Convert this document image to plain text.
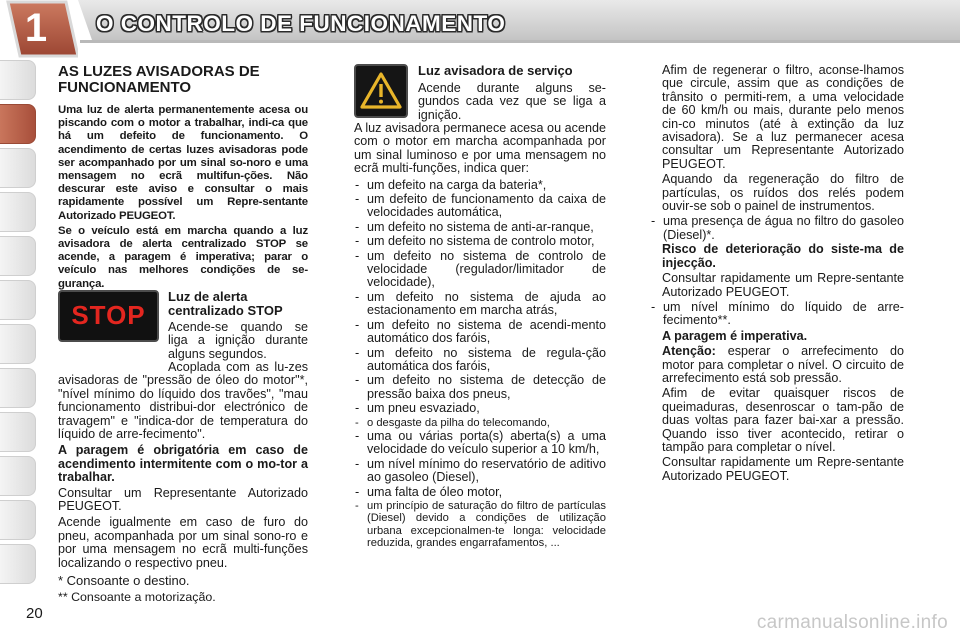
1	O CONTROLO DE FUNCIONAMENTO
AS LUZES AVISADORAS DE FUNCIONAMENTO

Uma luz de alerta permanentemente acesa ou piscando com o motor a trabalhar, indi-ca que há um defeito de funcionamento. O acendimento de certas luzes avisadoras pode ser acompanhado por um sinal so-noro e uma mensagem no ecrã multifun-ções. Não descurar este aviso e consultar o mais rapidamente possível um Repre-sentante Autorizado PEUGEOT.

Se o veículo está em marcha quando a luz avisadora de alerta centralizado STOP se acende, a paragem é imperativa; parar o veículo nas melhores condições de se-gurança.

STOP

Luz de alerta centralizado STOP

Acende-se quando se liga a ignição durante alguns segundos.

Acoplada com as lu-zes avisadoras de "pressão de óleo do motor"*, "nível mínimo do líquido dos travões", "mau funcionamento distribui-dor electrónico de travagem" e "indica-dor de temperatura do líquido de arre-fecimento".

A paragem é obrigatória em caso de acendimento intermitente com o mo-tor a trabalhar.

Consultar um Representante Autorizado PEUGEOT.

Acende igualmente em caso de furo do pneu, acompanhada por um sinal sono-ro e por uma mensagem no ecrã multi-funções localizando o respectivo pneu.

* Consoante o destino.

** Consoante a motorização.

Luz avisadora de serviço

Acende durante alguns se-gundos cada vez que se liga a ignição.

A luz avisadora permanece acesa ou acende com o motor em marcha acompanhada por um sinal luminoso e por uma mensagem no ecrã multi-funções, indica quer:

- um defeito na carga da bateria*,
- um defeito de funcionamento da caixa de velocidades automática,
- um defeito no sistema de anti-ar-ranque,
- um defeito no sistema de controlo motor,
- um defeito no sistema de controlo de velocidade (regulador/limitador de velocidade),
- um defeito no sistema de ajuda ao estacionamento em marcha atrás,
- um defeito no sistema de acendi-mento automático dos faróis,
- um defeito no sistema de regula-ção automática dos faróis,
- um defeito no sistema de detecção de pressão baixa dos pneus,
- um pneu esvaziado,
- o desgaste da pilha do telecomando,
- uma ou várias porta(s) aberta(s) a uma velocidade do veículo superior a 10 km/h,
- um nível mínimo do reservatório de aditivo ao gasoleo (Diesel),
- uma falta de óleo motor,
- um princípio de saturação do filtro de partículas (Diesel) devido a condições de utilização urbana excepcionalmen-te longa: velocidade reduzida, grandes engarrafamentos, ...

Afim de regenerar o filtro, aconse-lhamos que circule, assim que as condições de trânsito o permiti-rem, a uma velocidade de 60 km/h ou mais, durante pelo menos cin-co minutos (até à extinção da luz avisadora). Se a luz permanecer acesa consultar um Representante Autorizado PEUGEOT.

Aquando da regeneração do filtro de partículas, os ruídos dos relés podem ouvir-se sob o painel de instrumentos.

- uma presença de água no filtro do gasoleo (Diesel)*.

Risco de deterioração do siste-ma de injecção.

Consultar rapidamente um Repre-sentante Autorizado PEUGEOT.

- um nível mínimo do líquido de arre-fecimento**.

A paragem é imperativa.

Atenção: esperar o arrefecimento do motor para completar o nível. O circuito de arrefecimento está sob pressão.

Afim de evitar quaisquer riscos de queimaduras, desenroscar o tam-pão de duas voltas para fazer bai-xar a pressão. Quando isso tiver acontecido, retirar o tampão para completar o nível.

Consultar rapidamente um Repre-sentante Autorizado PEUGEOT.

20	carmanualsonline.info
